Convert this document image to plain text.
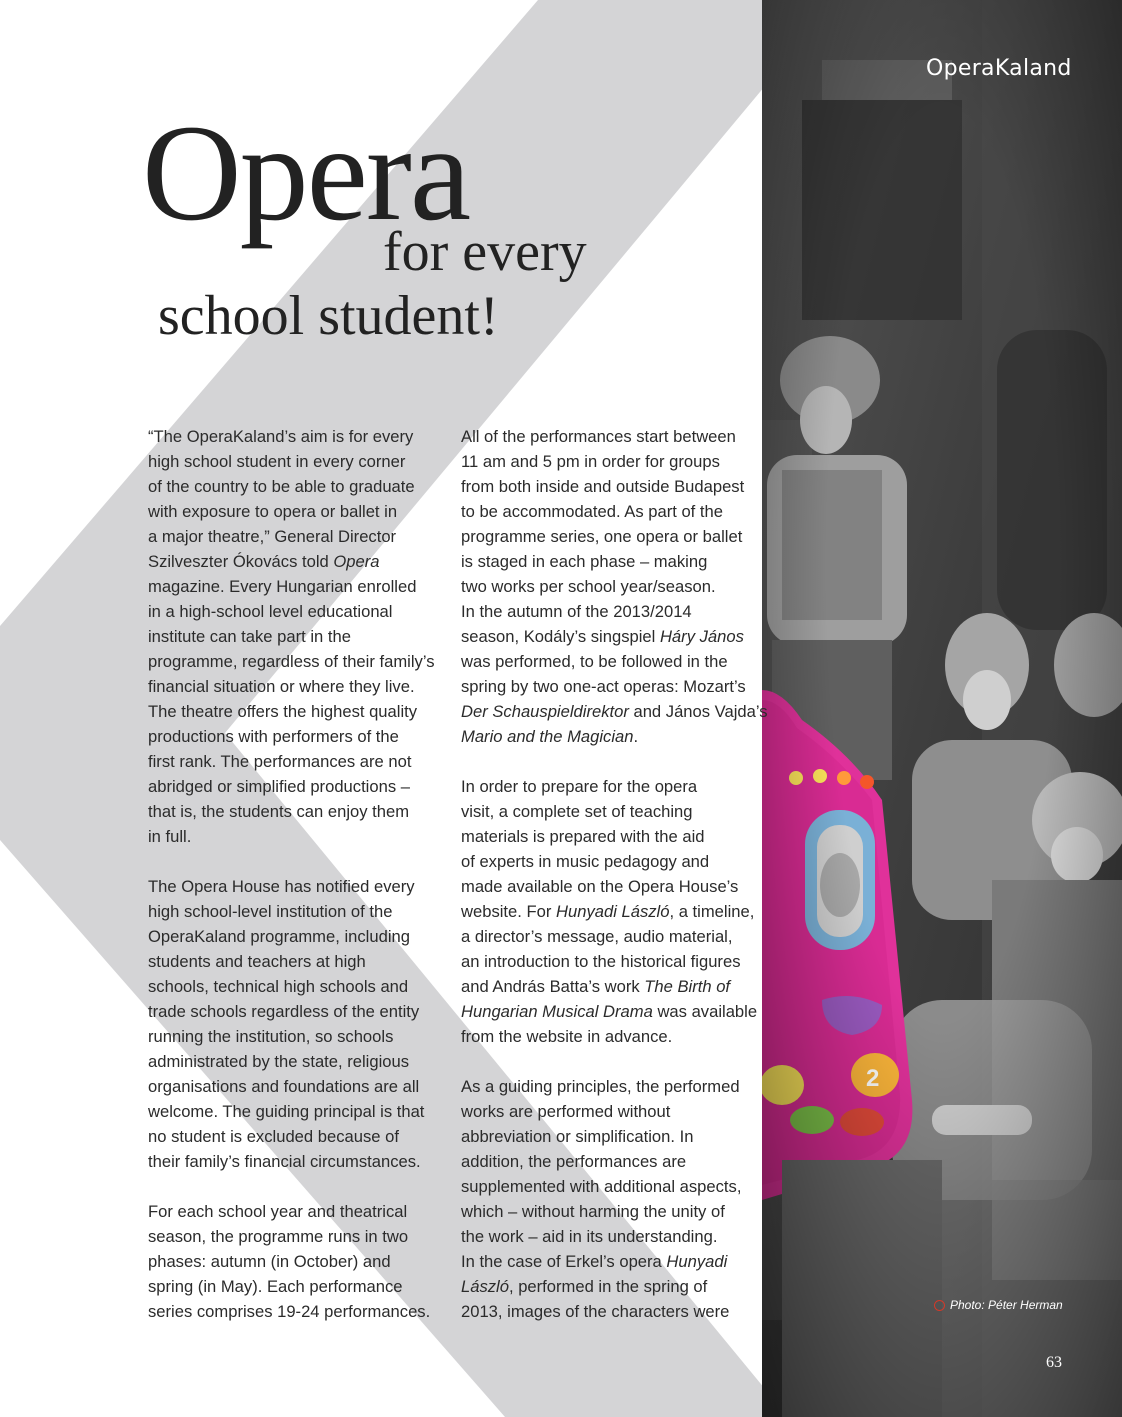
OperaKaland
Opera
for every
school student!

“The OperaKaland’s aim is for every
high school student in every corner
of the country to be able to graduate
with exposure to opera or ballet in
a major theatre,” General Director
Szilveszter Ókovács told Opera
magazine. Every Hungarian enrolled
in a high-school level educational
institute can take part in the
programme, regardless of their family’s
financial situation or where they live.
The theatre offers the highest quality
productions with performers of the
first rank. The performances are not
abridged or simplified productions –
that is, the students can enjoy them
in full.

The Opera House has notified every
high school-level institution of the
OperaKaland programme, including
students and teachers at high
schools, technical high schools and
trade schools regardless of the entity
running the institution, so schools
administrated by the state, religious
organisations and foundations are all
welcome. The guiding principal is that
no student is excluded because of
their family’s financial circumstances.

For each school year and theatrical
season, the programme runs in two
phases: autumn (in October) and
spring (in May). Each performance
series comprises 19-24 performances.

All of the performances start between
11 am and 5 pm in order for groups
from both inside and outside Budapest
to be accommodated. As part of the
programme series, one opera or ballet
is staged in each phase – making
two works per school year/season.
In the autumn of the 2013/2014
season, Kodály’s singspiel Háry János
was performed, to be followed in the
spring by two one-act operas: Mozart’s
Der Schauspieldirektor and János Vajda’s
Mario and the Magician.

In order to prepare for the opera
visit, a complete set of teaching
materials is prepared with the aid
of experts in music pedagogy and
made available on the Opera House’s
website. For Hunyadi László, a timeline,
a director’s message, audio material,
an introduction to the historical figures
and András Batta’s work The Birth of
Hungarian Musical Drama was available
from the website in advance.

As a guiding principles, the performed
works are performed without
abbreviation or simplification. In
addition, the performances are
supplemented with additional aspects,
which – without harming the unity of
the work – aid in its understanding.
In the case of Erkel’s opera Hunyadi
László, performed in the spring of
2013, images of the characters were	Photo: Péter Herman
63
